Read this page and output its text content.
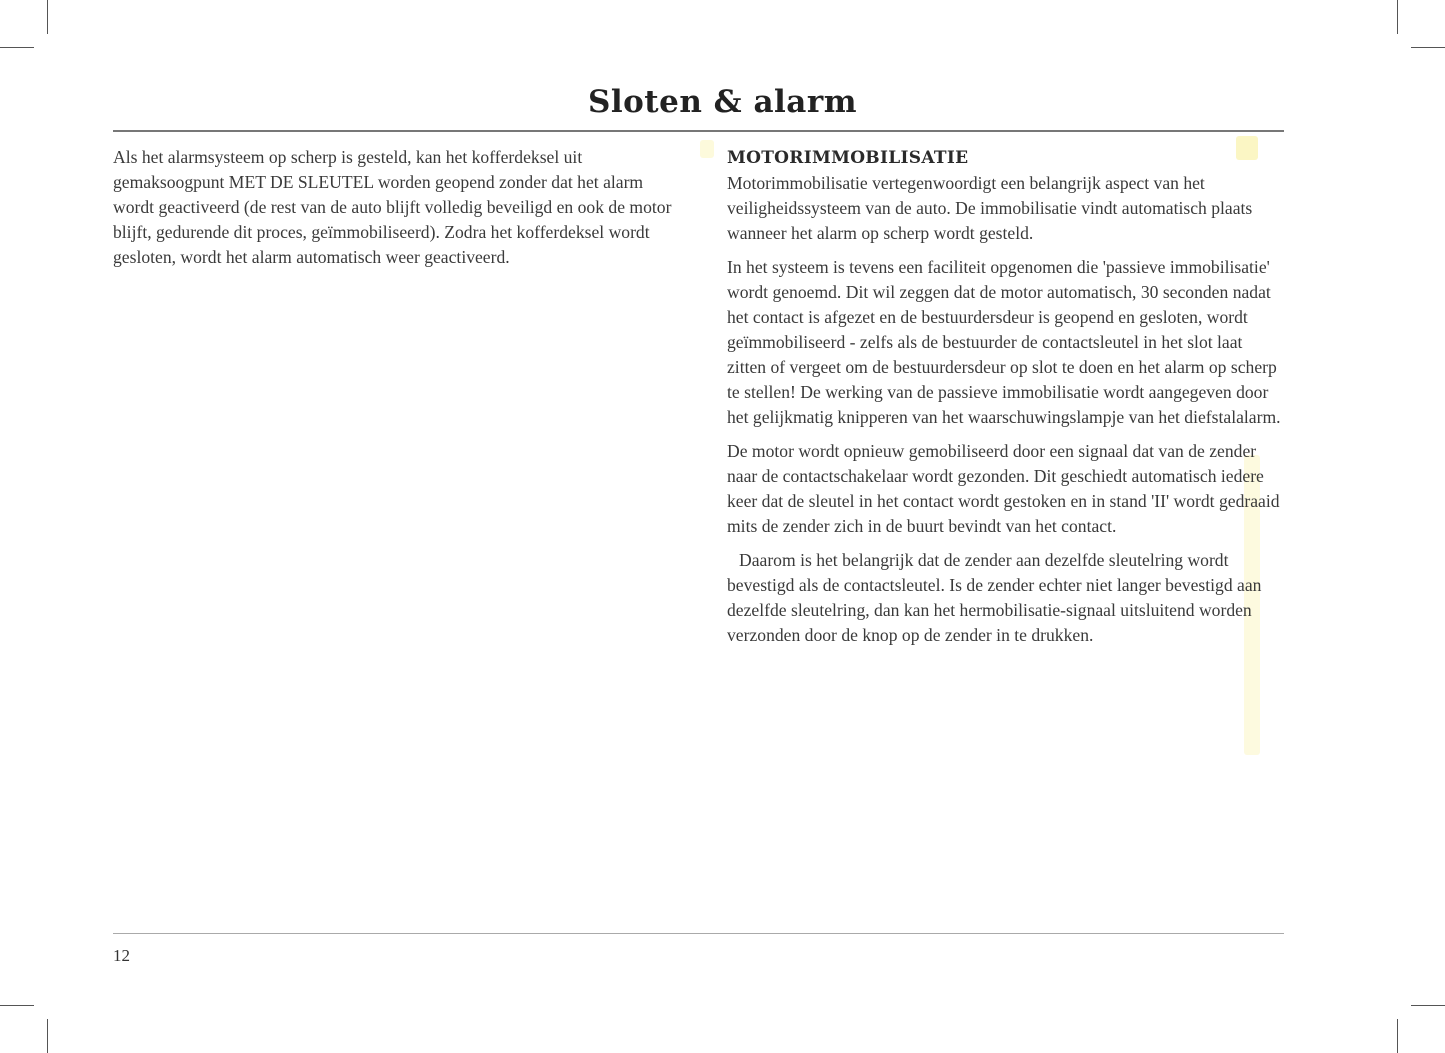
Sloten & alarm

Als het alarmsysteem op scherp is gesteld, kan het kofferdeksel uit gemaksoogpunt MET DE SLEUTEL worden geopend zonder dat het alarm wordt geactiveerd (de rest van de auto blijft volledig beveiligd en ook de motor blijft, gedurende dit proces, geïmmobiliseerd). Zodra het kofferdeksel wordt gesloten, wordt het alarm automatisch weer geactiveerd.

MOTORIMMOBILISATIE

Motorimmobilisatie vertegenwoordigt een belangrijk aspect van het veiligheidssysteem van de auto. De immobilisatie vindt automatisch plaats wanneer het alarm op scherp wordt gesteld.

In het systeem is tevens een faciliteit opgenomen die 'passieve immobilisatie' wordt genoemd. Dit wil zeggen dat de motor automatisch, 30 seconden nadat het contact is afgezet en de bestuurdersdeur is geopend en gesloten, wordt geïmmobiliseerd - zelfs als de bestuurder de contactsleutel in het slot laat zitten of vergeet om de bestuurdersdeur op slot te doen en het alarm op scherp te stellen! De werking van de passieve immobilisatie wordt aangegeven door het gelijkmatig knipperen van het waarschuwingslampje van het diefstalalarm.

De motor wordt opnieuw gemobiliseerd door een signaal dat van de zender naar de contactschakelaar wordt gezonden. Dit geschiedt automatisch iedere keer dat de sleutel in het contact wordt gestoken en in stand 'II' wordt gedraaid mits de zender zich in de buurt bevindt van het contact.

Daarom is het belangrijk dat de zender aan dezelfde sleutelring wordt bevestigd als de contactsleutel. Is de zender echter niet langer bevestigd aan dezelfde sleutelring, dan kan het hermobilisatie-signaal uitsluitend worden verzonden door de knop op de zender in te drukken.

12
